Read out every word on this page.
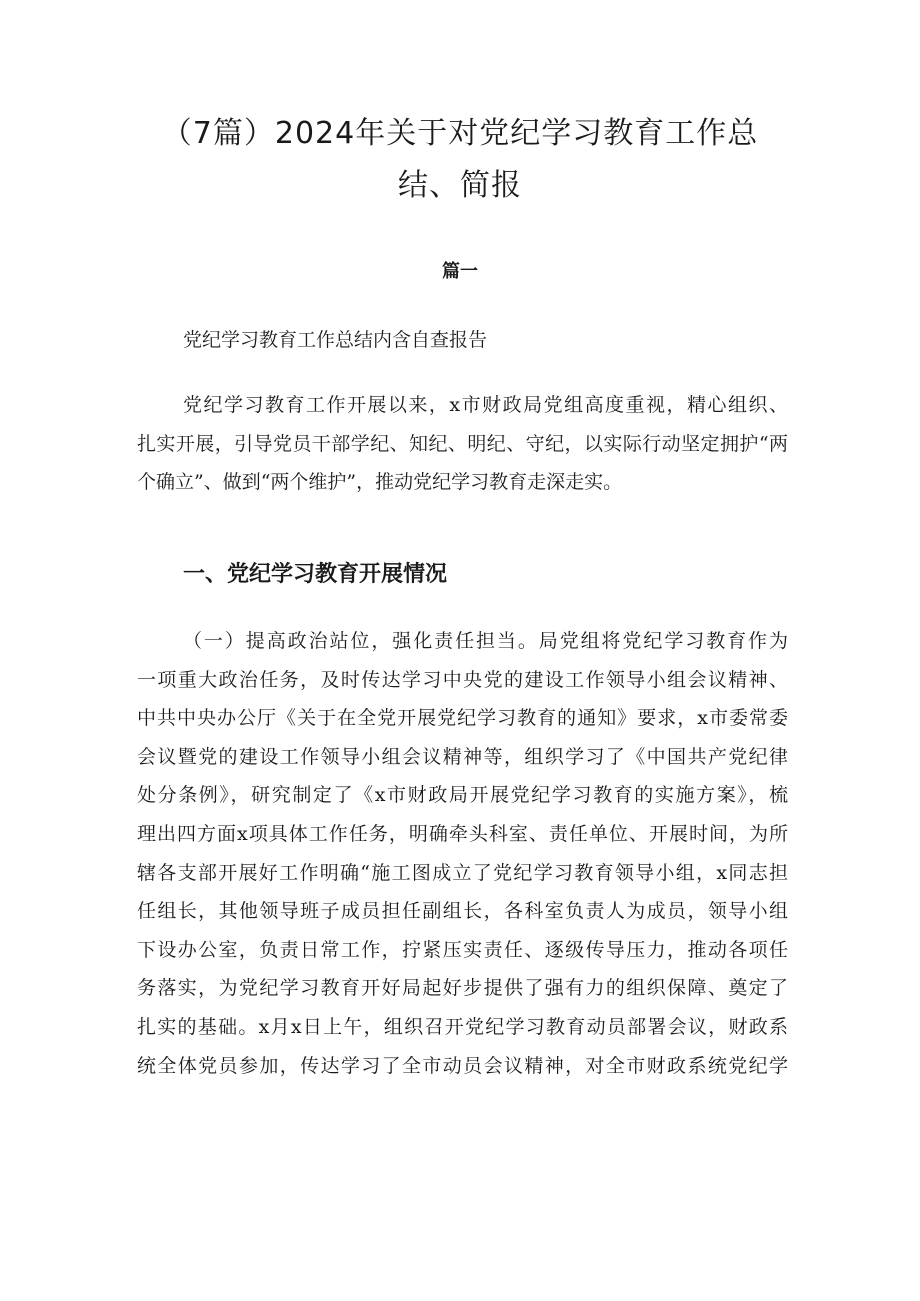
（7篇）2024年关于对党纪学习教育工作总
结、简报
篇一

党纪学习教育工作总结内含自查报告

党纪学习教育工作开展以来，x市财政局党组高度重视，精心组织、
扎实开展，引导党员干部学纪、知纪、明纪、守纪，以实际行动坚定拥护“两
个确立”、做到“两个维护”，推动党纪学习教育走深走实。

一、党纪学习教育开展情况

（一）提高政治站位，强化责任担当。局党组将党纪学习教育作为
一项重大政治任务，及时传达学习中央党的建设工作领导小组会议精神、
中共中央办公厅《关于在全党开展党纪学习教育的通知》要求，x市委常委
会议暨党的建设工作领导小组会议精神等，组织学习了《中国共产党纪律
处分条例》，研究制定了《x市财政局开展党纪学习教育的实施方案》，梳
理出四方面x项具体工作任务，明确牵头科室、责任单位、开展时间，为所
辖各支部开展好工作明确“施工图成立了党纪学习教育领导小组，x同志担
任组长，其他领导班子成员担任副组长，各科室负责人为成员，领导小组
下设办公室，负责日常工作，拧紧压实责任、逐级传导压力，推动各项任
务落实，为党纪学习教育开好局起好步提供了强有力的组织保障、奠定了
扎实的基础。x月x日上午，组织召开党纪学习教育动员部署会议，财政系
统全体党员参加，传达学习了全市动员会议精神，对全市财政系统党纪学
